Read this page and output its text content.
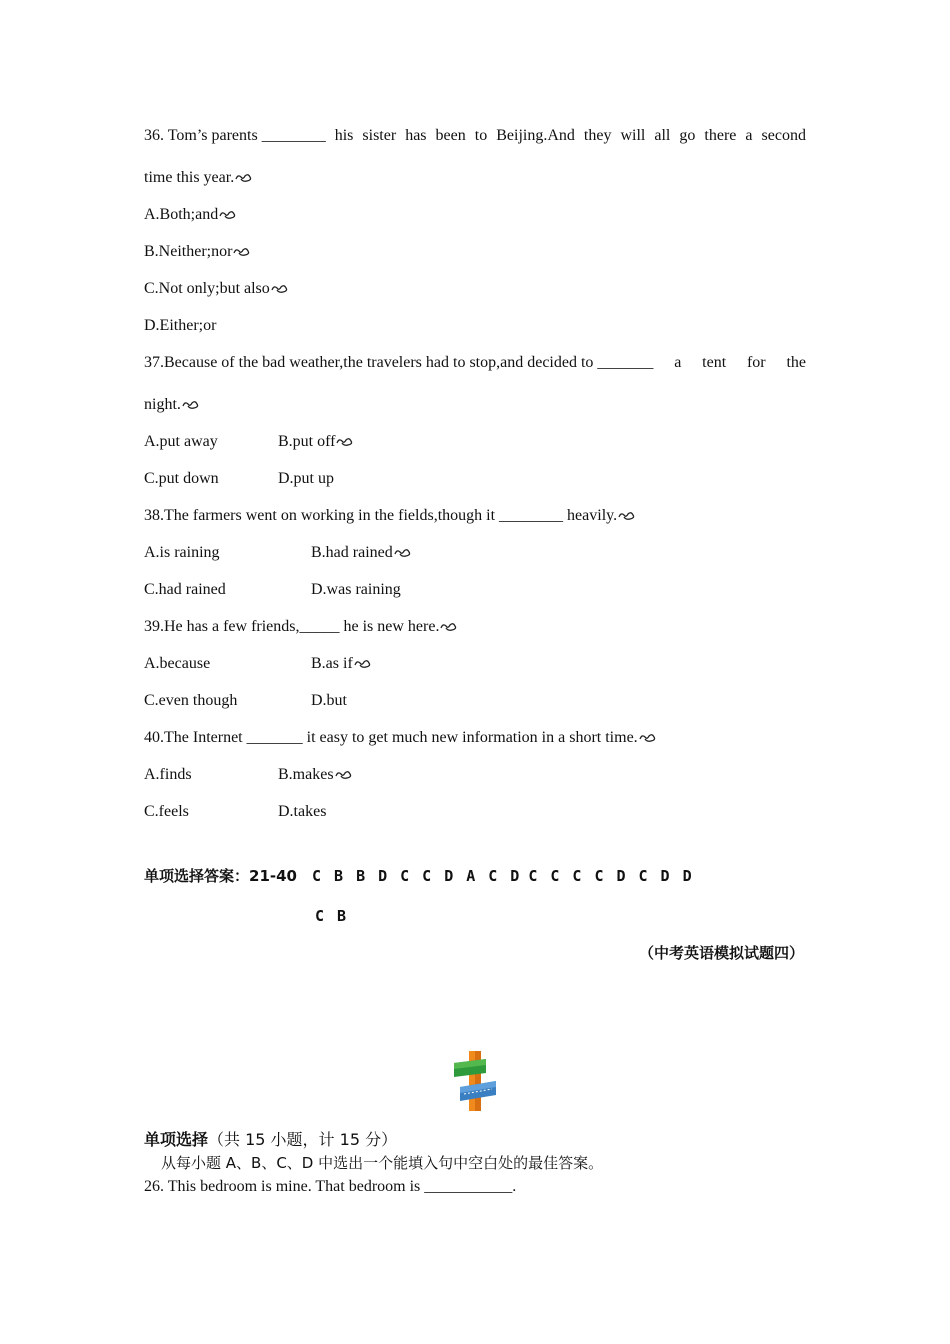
36. Tom’s parents ________ his sister has been to Beijing.And they will all go there a second
time this year.
A.Both;and
B.Neither;nor
C.Not only;but also
D.Either;or
37.Because of the bad weather,the travelers had to stop,and decided to _______ a tent for the
night.
A.put away	B.put off
C.put down	D.put up
38.The farmers went on working in the fields,though it ________ heavily.
A.is raining	B.had rained
C.had rained	D.was raining
39.He has a few friends,_____ he is new here.
A.because	B.as if
C.even though	D.but
40.The Internet _______ it easy to get much new information in a short time.
A.finds	B.makes
C.feels	D.takes
单项选择答案：21-40 C B B D C C D A C D C C C C D C D D
C B
（中考英语模拟试题四）
单项选择（共 15 小题，计 15 分）
从每小题 A、B、C、D 中选出一个能填入句中空白处的最佳答案。
26. This bedroom is mine. That bedroom is ___________.
